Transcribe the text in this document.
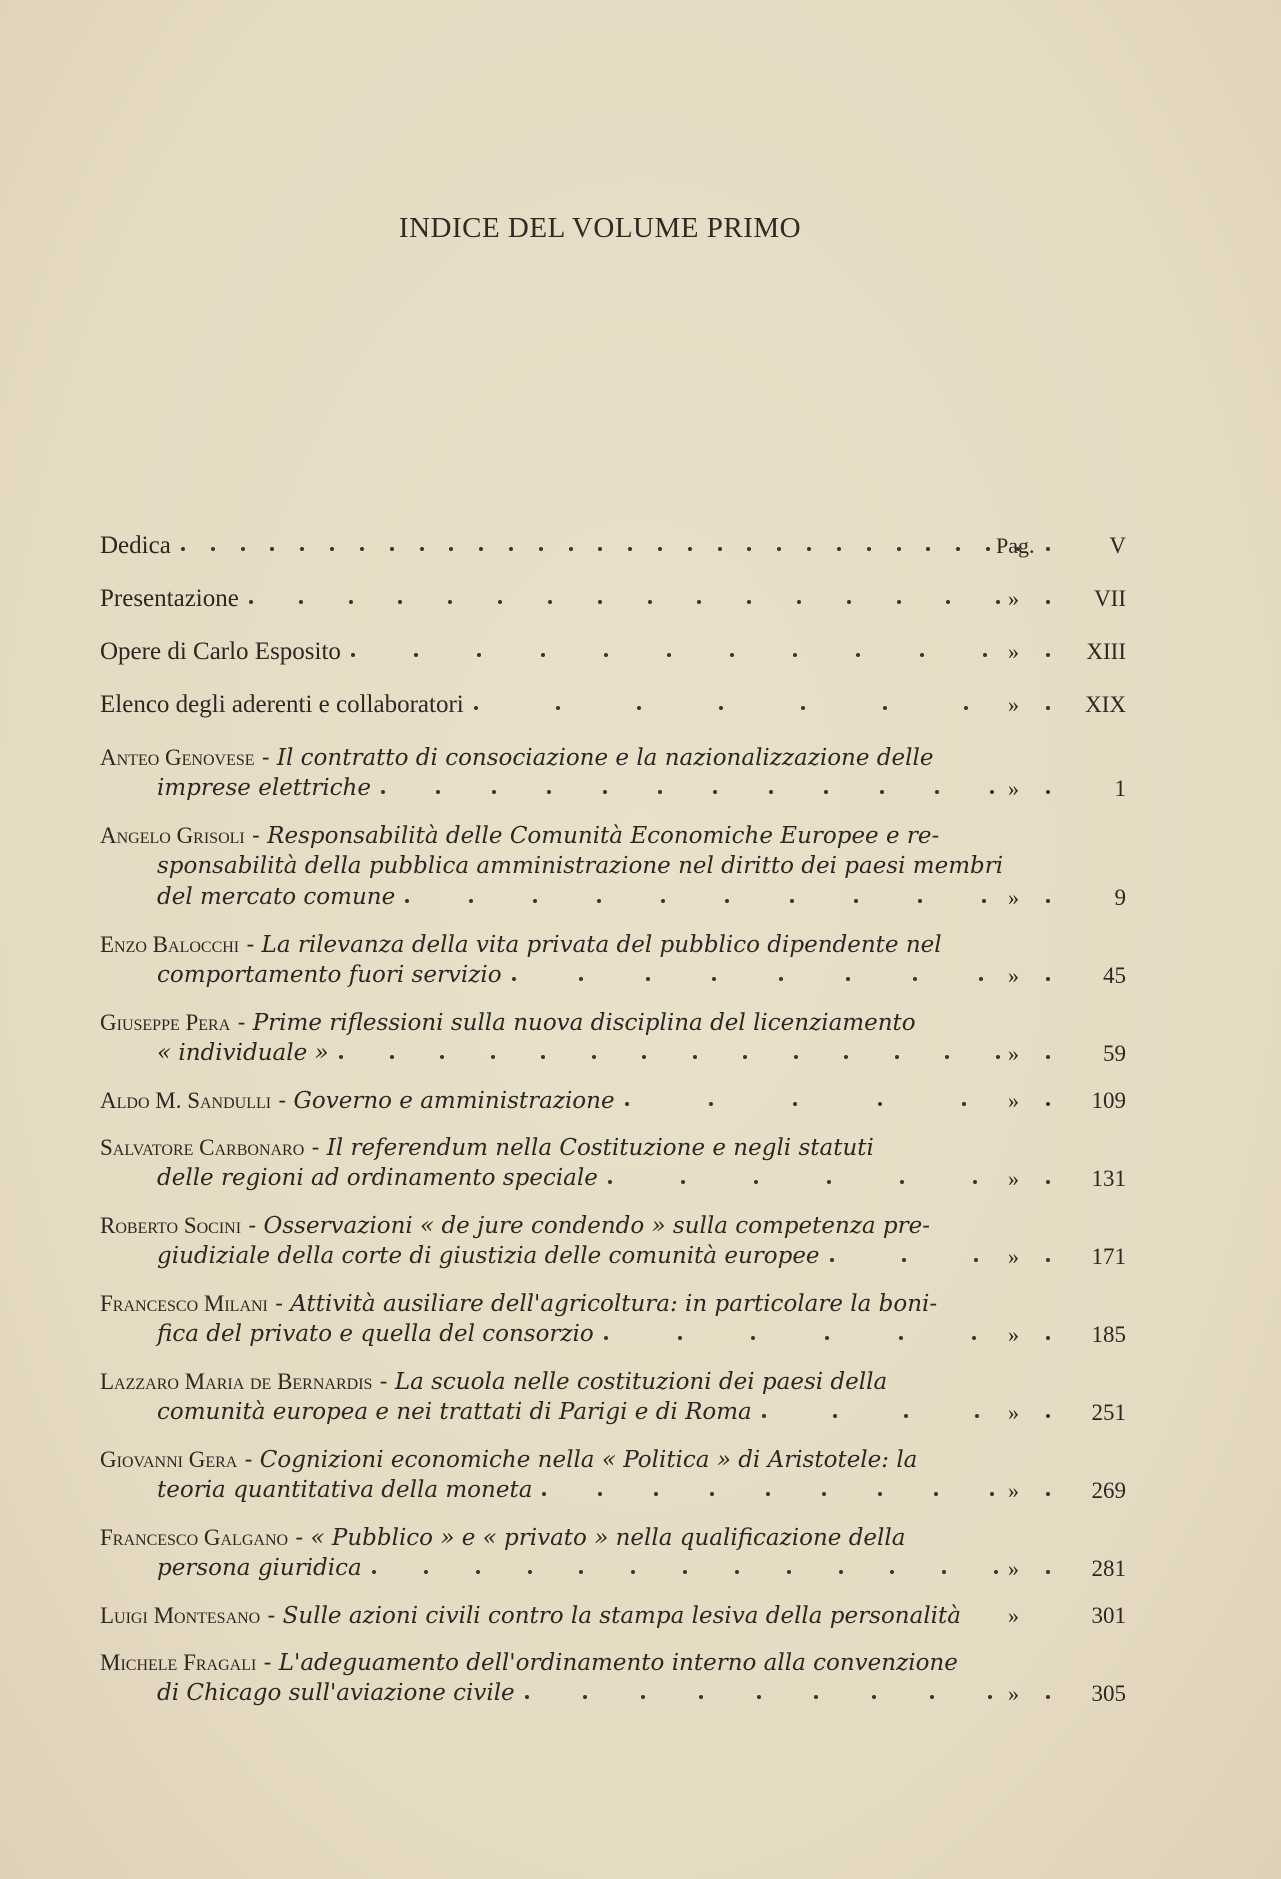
INDICE DEL VOLUME PRIMO
Dedica	Pag.	V
Presentazione	»	VII
Opere di Carlo Esposito	»	XIII
Elenco degli aderenti e collaboratori	»	XIX
Anteo Genovese - Il contratto di consociazione e la nazionalizzazione delle
imprese elettriche	»	1
Angelo Grisoli - Responsabilità delle Comunità Economiche Europee e re-
sponsabilità della pubblica amministrazione nel diritto dei paesi membri
del mercato comune	»	9
Enzo Balocchi - La rilevanza della vita privata del pubblico dipendente nel
comportamento fuori servizio	»	45
Giuseppe Pera - Prime riflessioni sulla nuova disciplina del licenziamento
« individuale »	»	59
Aldo M. Sandulli - Governo e amministrazione	»	109
Salvatore Carbonaro - Il referendum nella Costituzione e negli statuti
delle regioni ad ordinamento speciale	»	131
Roberto Socini - Osservazioni « de jure condendo » sulla competenza pre-
giudiziale della corte di giustizia delle comunità europee	»	171
Francesco Milani - Attività ausiliare dell'agricoltura: in particolare la boni-
fica del privato e quella del consorzio	»	185
Lazzaro Maria de Bernardis - La scuola nelle costituzioni dei paesi della
comunità europea e nei trattati di Parigi e di Roma	»	251
Giovanni Gera - Cognizioni economiche nella « Politica » di Aristotele: la
teoria quantitativa della moneta	»	269
Francesco Galgano - « Pubblico » e « privato » nella qualificazione della
persona giuridica	»	281
Luigi Montesano - Sulle azioni civili contro la stampa lesiva della personalità »	301
Michele Fragali - L'adeguamento dell'ordinamento interno alla convenzione
di Chicago sull'aviazione civile	»	305
